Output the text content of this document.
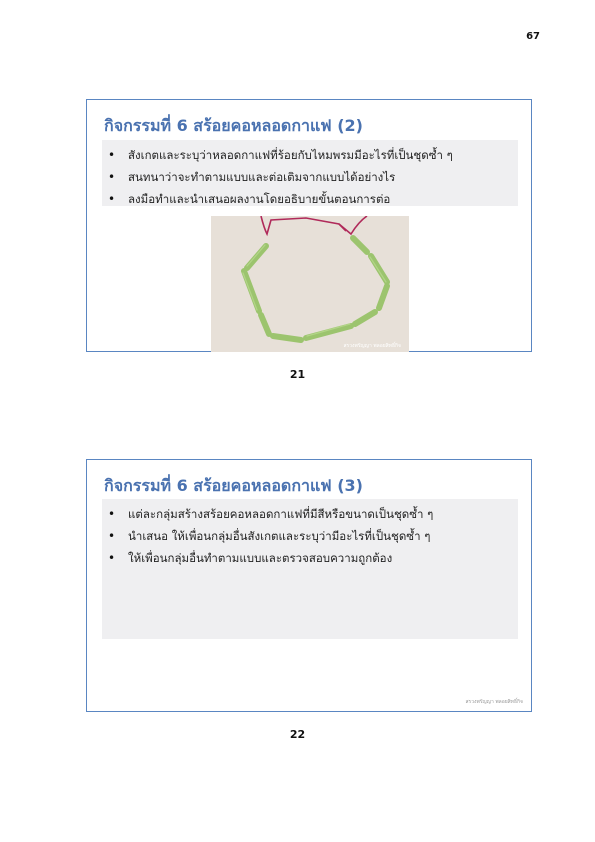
67
กิจกรรมที่ 6 สร้อยคอหลอดกาแฟ (2)
• สังเกตและระบุว่าหลอดกาแฟที่ร้อยกับไหมพรมมีอะไรที่เป็นชุดซ้ำ ๆ
• สนทนาว่าจะทำตามแบบและต่อเติมจากแบบได้อย่างไร
• ลงมือทำและนำเสนอผลงานโดยอธิบายขั้นตอนการต่อ
สรวงพรัญญา พลอยสิทธิ์กิจ
21
กิจกรรมที่ 6 สร้อยคอหลอดกาแฟ (3)
• แต่ละกลุ่มสร้างสร้อยคอหลอดกาแฟที่มีสีหรือขนาดเป็นชุดซ้ำ ๆ
• นำเสนอ ให้เพื่อนกลุ่มอื่นสังเกตและระบุว่ามีอะไรที่เป็นชุดซ้ำ ๆ
• ให้เพื่อนกลุ่มอื่นทำตามแบบและตรวจสอบความถูกต้อง
สรวงพรัญญา พลอยสิทธิ์กิจ
22
